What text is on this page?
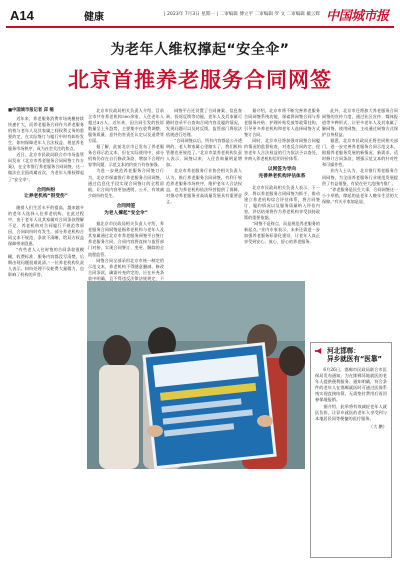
A14	健康	| 2023年 7月3日 星期一 | 二审编辑 傅立平 二审编辑 罗 文 二审编辑 戴云辉 中国城市报
为老年人维权撑起“安全伞”
北京首推养老服务合同网签
■中国城市报记者 邱 楠

近年来，养老服务消费市场规模持续快速扩大，而养老服务合同作为养老服务机构与老年人及其家属之间权利义务的重要约定，在实际签订与履行中时有纠纷发生，如何保障老年人合法权益、规范养老服务市场秩序，成为社会关注的焦点。

近日，北京市民政局联合市市场监管局发布《北京市养老服务合同网签工作方案》，在全市推行养老服务合同网签，这一做法在全国尚属首次，为老年人维权撑起了“安全伞”。

合同纠纷
让养老机构“很受伤”

随着人们生活水平的提高，越来越多的老年人选择入住养老机构。在此过程中，由于老年人及其家属对合同条款理解不足、养老机构对合同履行不规范等原因，合同纠纷时有发生。部分养老机构合同文本不规范、条款不清晰，给双方权益保障带来隐患。

“有些老人入住时签的合同条款很模糊，收费标准、服务内容都没写清楚，后期出现问题很难说清。”一位养老机构负责人表示，纠纷处理不仅耗费大量精力，也影响了机构的声誉。

北京市民政局相关负责人介绍，目前全市共有养老机构500余家，入住老年人超过4万人。近年来，因合同引发的投诉数量呈上升趋势，主要集中在收费调整、服务质量、意外伤害责任认定以及退费等方面。

据了解，此前北京市已发布了养老服务合同示范文本，但在实际使用中，部分机构仍存在自行修改条款、增加不合理内容等问题，示范文本的约束力有待加强。

为进一步规范养老服务合同签订行为，北京市探索推行养老服务合同网签，通过信息化手段实现合同签订的全程留痕，让合同内容更加透明、公开，有效减少纠纷的发生。

合同网签
为老人撑起“安全伞”

据北京市民政局相关负责人介绍，养老服务合同网签是指养老机构与老年人及其家属通过北京市养老服务网签平台签订养老服务合同，合同内容将直接与监管部门对接，实现合同签订、变更、解除的全流程监管。

网签合同全部采用北京市统一制定的示范文本，养老机构不得随意删减、修改合同条款，确需补充约定的，应在补充条款中明确，且不得违反法律法规规定、不

网签平台还设置了合同备案、信息查询、投诉反馈等功能，老年人及其家属可随时登录平台查询合同内容及履约情况，发现问题可以及时反馈，监管部门将依法依规进行处理。

“合同网签以后，所有内容都是公开透明的，老人和家属心里踏实了，我们机构管理也更规范了。”北京市某养老机构负责人表示，网签以来，入住咨询量明显增加。

北京市养老服务行业协会相关负责人认为，推行养老服务合同网签，有利于规范养老服务市场秩序，维护老年人合法权益，也为养老机构依法经营提供了保障，对推动养老服务业高质量发展具有重要意义。

据介绍，北京市将不断完善养老服务合同网签系统功能，探索将网签合同与养老服务补贴、护理补贴发放等政策挂钩，引导更多养老机构和老年人选择网签方式签订合同。

同时，北京市还将加强对网签合同履约情况的监督检查，对违反合同约定、侵害老年人合法权益的行为依法予以查处，并纳入养老机构信用评价体系。

以网签为导向
完善养老机构评估体系

北京市民政局相关负责人表示，下一步，将以养老服务合同网签为抓手，推动建立养老机构综合评估体系，将合同签订、履约情况以及服务质量纳入评估内容，评估结果将作为养老机构享受扶持政策的重要依据。

“网签不是终点，而是规范养老服务的新起点。”业内专家表示，未来还需进一步加强养老服务标准化建设，让老年人真正享受到安心、放心、舒心的养老服务。

此外，北京市还将加大养老服务合同网签的宣传力度，通过社区宣传、媒体报道等多种形式，让更多老年人及其家属了解网签、使用网签，主动通过网签方式保护自身权益。

据悉，北京市民政局还将会同相关部门，进一步完善养老服务合同示范文本，根据养老服务发展的新情况、新需求，适时修订合同条款，增强示范文本的针对性和可操作性。

业内人士认为，北京推行养老服务合同网签，为全国养老服务行业规范发展提供了有益借鉴，有望在更大范围内推广。

“养老服务是民生大事，合同网签这一小小举措，撑起的是老年人晚年生活的大保障。”有关专家如是说。

河北邯郸：
异乡就医有“医靠”

6月26日，邯郸市民政局联合市医保局发布通知，为在邯郸异地就医的老年人提供便利服务。通知明确，符合条件的老年人在邯郸就医时可通过医保系统实现直接结算，无需垫付费用后再回参保地报销。

据介绍，此举将有效减轻老年人就医负担，让异乡就医的老年人享受到与本地居民同等便捷的医疗服务。

（大 鹏）
